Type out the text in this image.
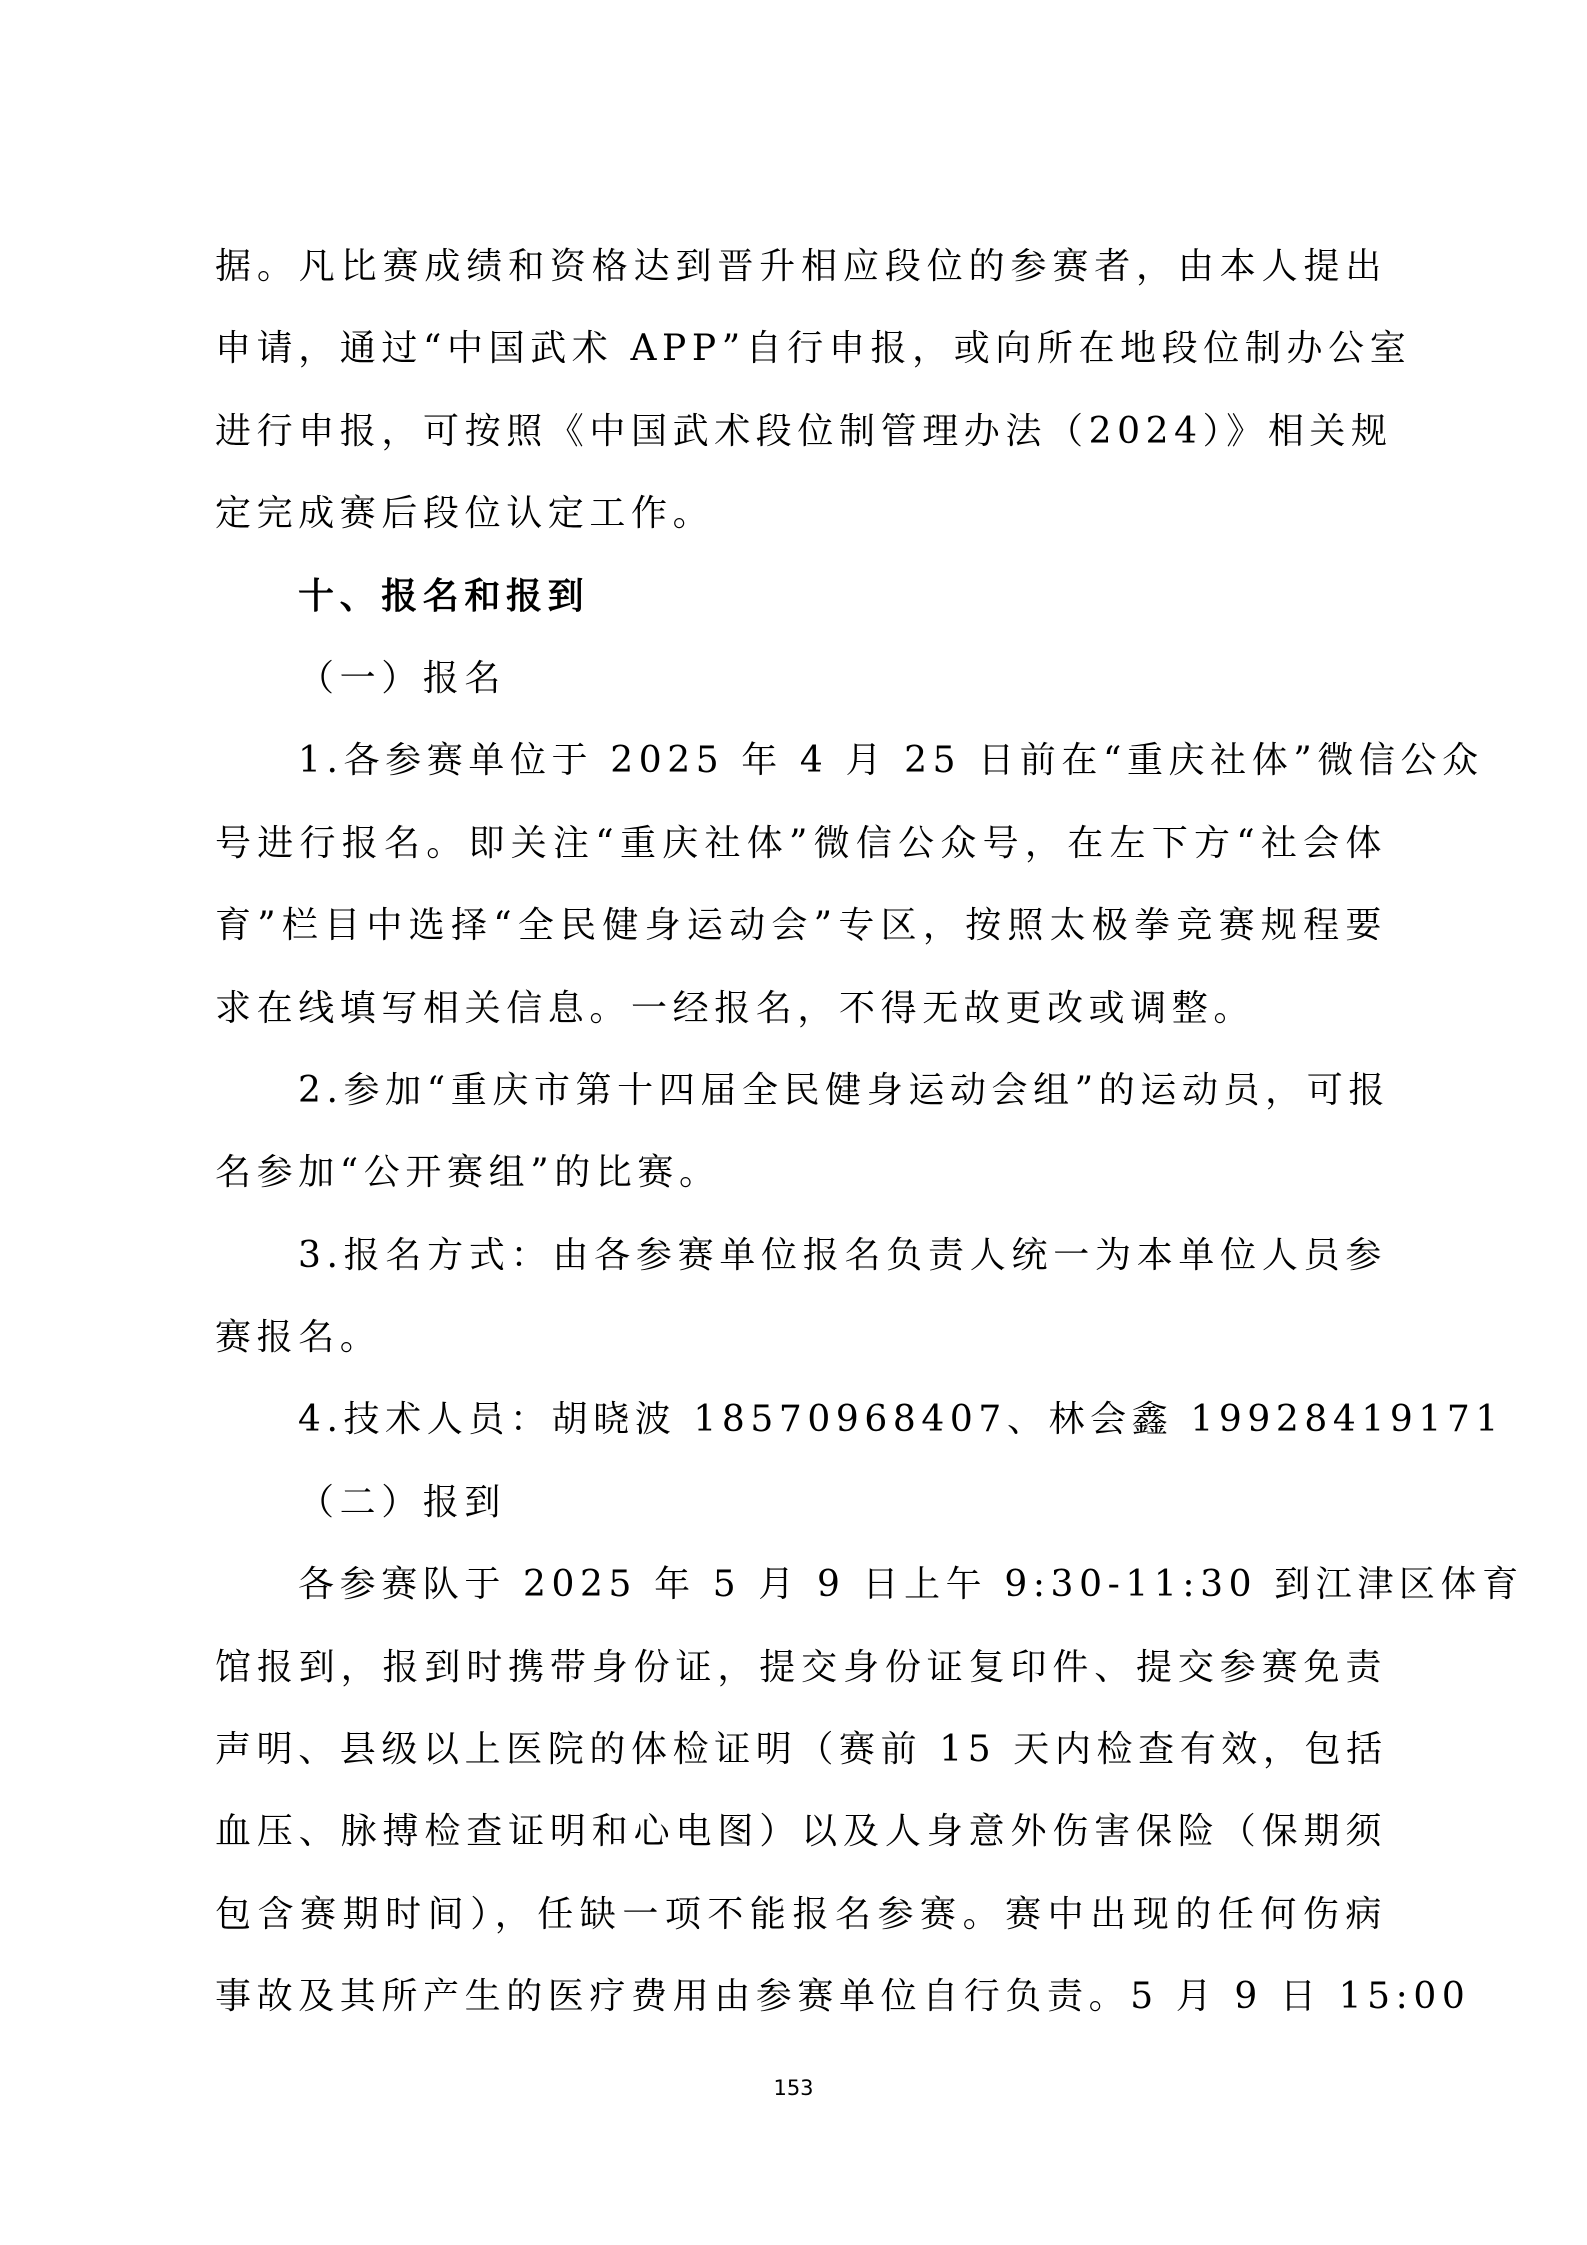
据。凡比赛成绩和资格达到晋升相应段位的参赛者，由本人提出
申请，通过“中国武术 APP”自行申报，或向所在地段位制办公室
进行申报，可按照《中国武术段位制管理办法（2024）》相关规
定完成赛后段位认定工作。
十、报名和报到
（一）报名
1.各参赛单位于 2025 年 4 月 25 日前在“重庆社体”微信公众
号进行报名。即关注“重庆社体”微信公众号，在左下方“社会体
育”栏目中选择“全民健身运动会”专区，按照太极拳竞赛规程要
求在线填写相关信息。一经报名，不得无故更改或调整。
2.参加“重庆市第十四届全民健身运动会组”的运动员，可报
名参加“公开赛组”的比赛。
3.报名方式：由各参赛单位报名负责人统一为本单位人员参
赛报名。
4.技术人员：胡晓波 18570968407、林会鑫 19928419171
（二）报到
各参赛队于 2025 年 5 月 9 日上午 9:30-11:30 到江津区体育
馆报到，报到时携带身份证，提交身份证复印件、提交参赛免责
声明、县级以上医院的体检证明（赛前 15 天内检查有效，包括
血压、脉搏检查证明和心电图）以及人身意外伤害保险（保期须
包含赛期时间），任缺一项不能报名参赛。赛中出现的任何伤病
事故及其所产生的医疗费用由参赛单位自行负责。5 月 9 日 15:00
153
